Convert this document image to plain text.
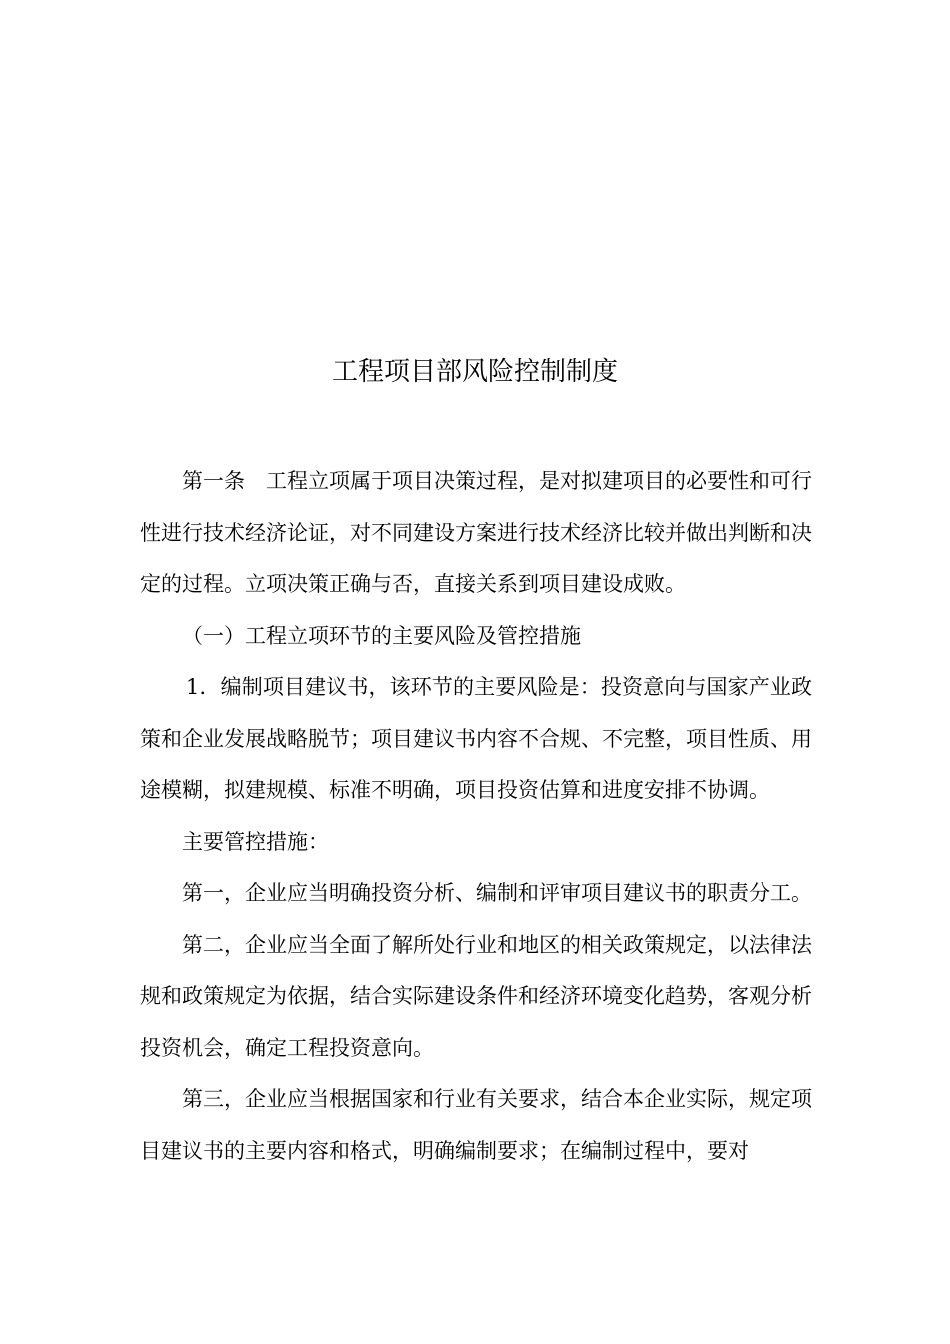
工程项目部风险控制制度

第一条　工程立项属于项目决策过程，是对拟建项目的必要性和可行性进行技术经济论证，对不同建设方案进行技术经济比较并做出判断和决定的过程。立项决策正确与否，直接关系到项目建设成败。

（一）工程立项环节的主要风险及管控措施

1．编制项目建议书，该环节的主要风险是：投资意向与国家产业政策和企业发展战略脱节；项目建议书内容不合规、不完整，项目性质、用途模糊，拟建规模、标准不明确，项目投资估算和进度安排不协调。

主要管控措施：

第一，企业应当明确投资分析、编制和评审项目建议书的职责分工。

第二，企业应当全面了解所处行业和地区的相关政策规定，以法律法规和政策规定为依据，结合实际建设条件和经济环境变化趋势，客观分析投资机会，确定工程投资意向。

第三，企业应当根据国家和行业有关要求，结合本企业实际，规定项目建议书的主要内容和格式，明确编制要求；在编制过程中，要对
